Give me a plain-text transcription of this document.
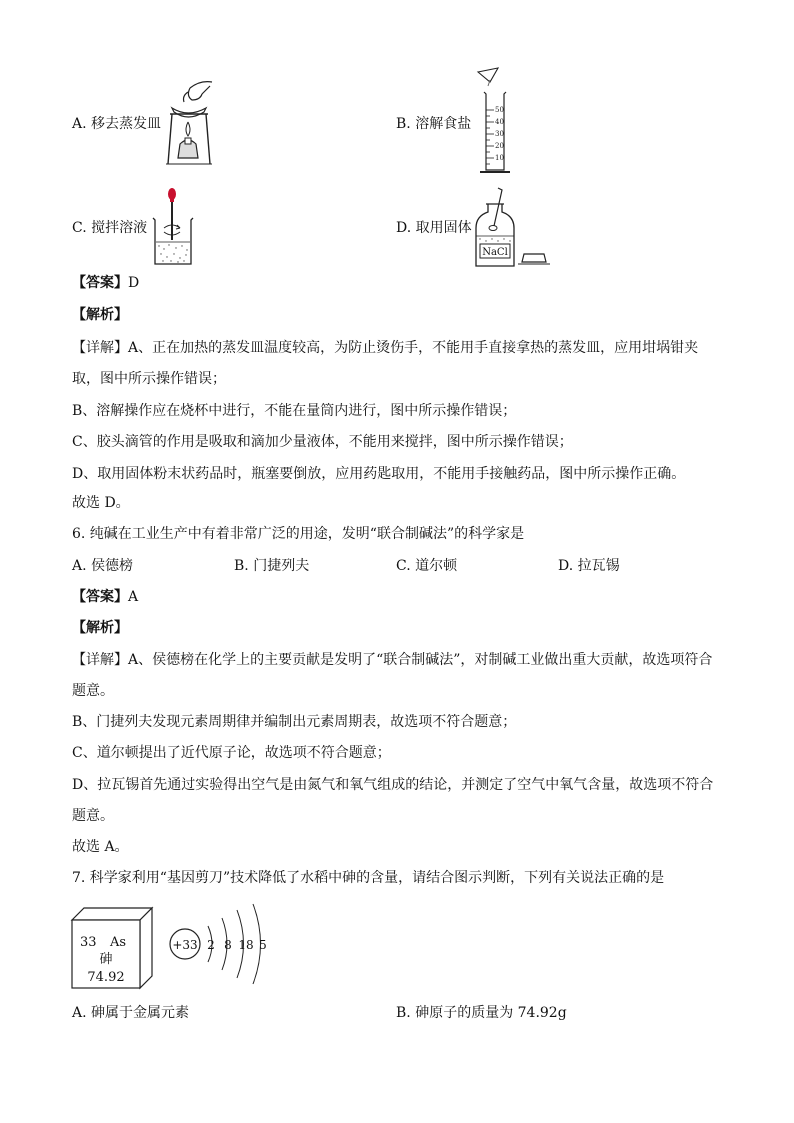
A. 移去蒸发皿	B. 溶解食盐
50
40
30
20
10
C. 搅拌溶液	D. 取用固体
NaCl
【答案】D
【解析】
【详解】A、正在加热的蒸发皿温度较高，为防止烫伤手，不能用手直接拿热的蒸发皿，应用坩埚钳夹
取，图中所示操作错误；
B、溶解操作应在烧杯中进行，不能在量筒内进行，图中所示操作错误；
C、胶头滴管的作用是吸取和滴加少量液体，不能用来搅拌，图中所示操作错误；
D、取用固体粉末状药品时，瓶塞要倒放，应用药匙取用，不能用手接触药品，图中所示操作正确。
故选 D。
6. 纯碱在工业生产中有着非常广泛的用途，发明“联合制碱法”的科学家是
A. 侯德榜	B. 门捷列夫	C. 道尔顿	D. 拉瓦锡
【答案】A
【解析】
【详解】A、侯德榜在化学上的主要贡献是发明了“联合制碱法”，对制碱工业做出重大贡献，故选项符合
题意。
B、门捷列夫发现元素周期律并编制出元素周期表，故选项不符合题意；
C、道尔顿提出了近代原子论，故选项不符合题意；
D、拉瓦锡首先通过实验得出空气是由氮气和氧气组成的结论，并测定了空气中氧气含量，故选项不符合
题意。
故选 A。
7. 科学家利用“基因剪刀”技术降低了水稻中砷的含量，请结合图示判断，下列有关说法正确的是
33 As
砷
74.92
+33 2 8 18 5
A. 砷属于金属元素	B. 砷原子的质量为 74.92g
